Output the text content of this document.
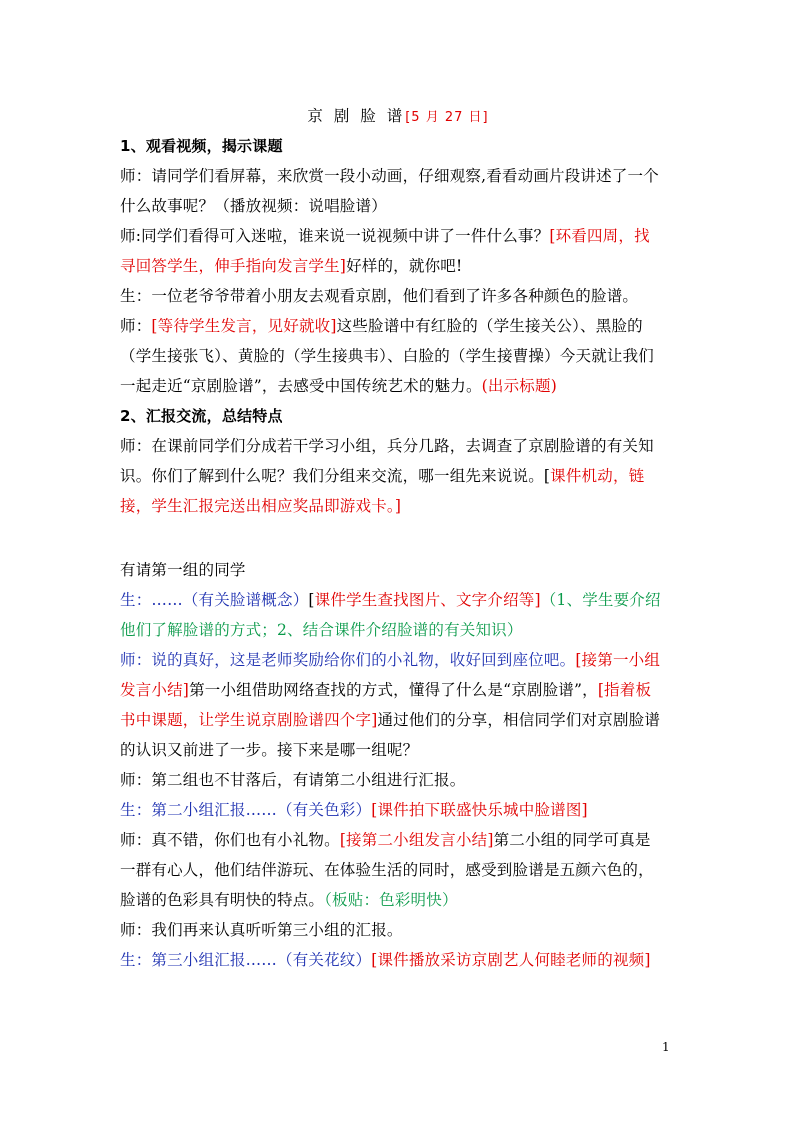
京 剧 脸 谱[5 月 27 日]
1、观看视频，揭示课题
师：请同学们看屏幕，来欣赏一段小动画，仔细观察,看看动画片段讲述了一个
什么故事呢？（播放视频：说唱脸谱）
师:同学们看得可入迷啦，谁来说一说视频中讲了一件什么事？[环看四周，找
寻回答学生，伸手指向发言学生]好样的，就你吧!
生：一位老爷爷带着小朋友去观看京剧，他们看到了许多各种颜色的脸谱。
师：[等待学生发言，见好就收]这些脸谱中有红脸的（学生接关公）、黑脸的
（学生接张飞）、黄脸的（学生接典韦）、白脸的（学生接曹操）今天就让我们
一起走近“京剧脸谱”，去感受中国传统艺术的魅力。(出示标题)
2、汇报交流，总结特点
师：在课前同学们分成若干学习小组，兵分几路，去调查了京剧脸谱的有关知
识。你们了解到什么呢？我们分组来交流，哪一组先来说说。[课件机动，链
接，学生汇报完送出相应奖品即游戏卡。]
有请第一组的同学
生：……（有关脸谱概念）[课件学生查找图片、文字介绍等]（1、学生要介绍
他们了解脸谱的方式；2、结合课件介绍脸谱的有关知识）
师：说的真好，这是老师奖励给你们的小礼物，收好回到座位吧。[接第一小组
发言小结]第一小组借助网络查找的方式，懂得了什么是“京剧脸谱”，[指着板
书中课题，让学生说京剧脸谱四个字]通过他们的分享，相信同学们对京剧脸谱
的认识又前进了一步。接下来是哪一组呢？
师：第二组也不甘落后，有请第二小组进行汇报。
生：第二小组汇报……（有关色彩）[课件拍下联盛快乐城中脸谱图]
师：真不错，你们也有小礼物。[接第二小组发言小结]第二小组的同学可真是
一群有心人，他们结伴游玩、在体验生活的同时，感受到脸谱是五颜六色的，
脸谱的色彩具有明快的特点。（板贴：色彩明快）
师：我们再来认真听听第三小组的汇报。
生：第三小组汇报……（有关花纹）[课件播放采访京剧艺人何睦老师的视频]
1
